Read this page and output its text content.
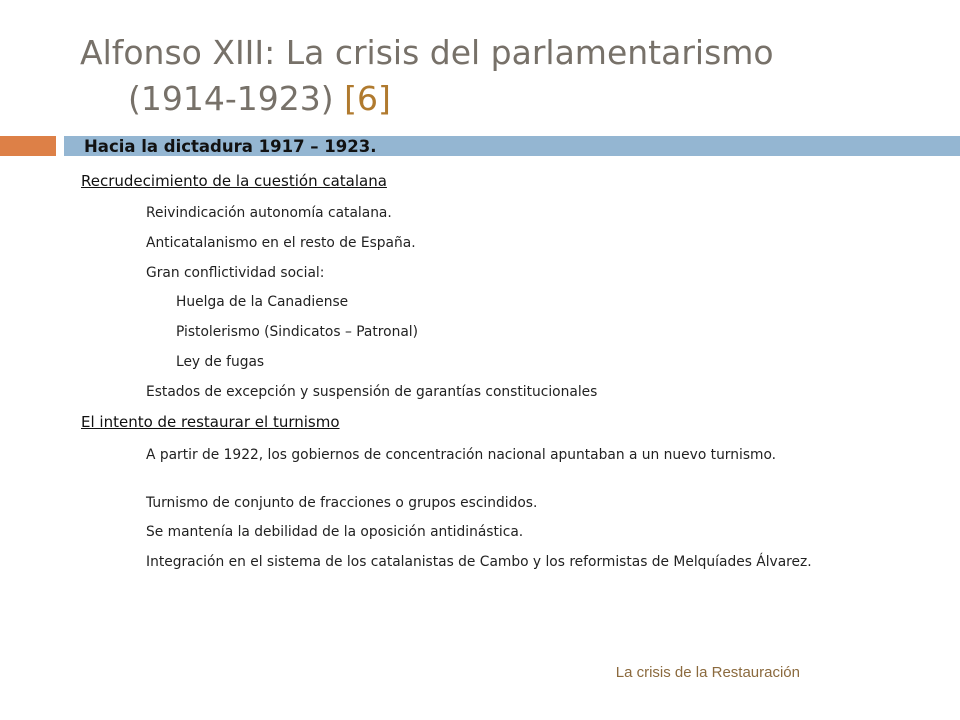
Alfonso XIII: La crisis del parlamentarismo
(1914-1923) [6]
Hacia la dictadura 1917 – 1923.
Recrudecimiento de la cuestión catalana
Reivindicación autonomía catalana.
Anticatalanismo en el resto de España.
Gran conflictividad social:
Huelga de la Canadiense
Pistolerismo (Sindicatos – Patronal)
Ley de fugas
Estados de excepción y suspensión de garantías constitucionales
El intento de restaurar el turnismo
A partir de 1922, los gobiernos de concentración nacional apuntaban a un nuevo turnismo.
Turnismo de conjunto de fracciones o grupos escindidos.
Se mantenía la debilidad de la oposición antidinástica.
Integración en el sistema de los catalanistas de Cambo y los reformistas de Melquíades Álvarez.
La crisis de la Restauración
